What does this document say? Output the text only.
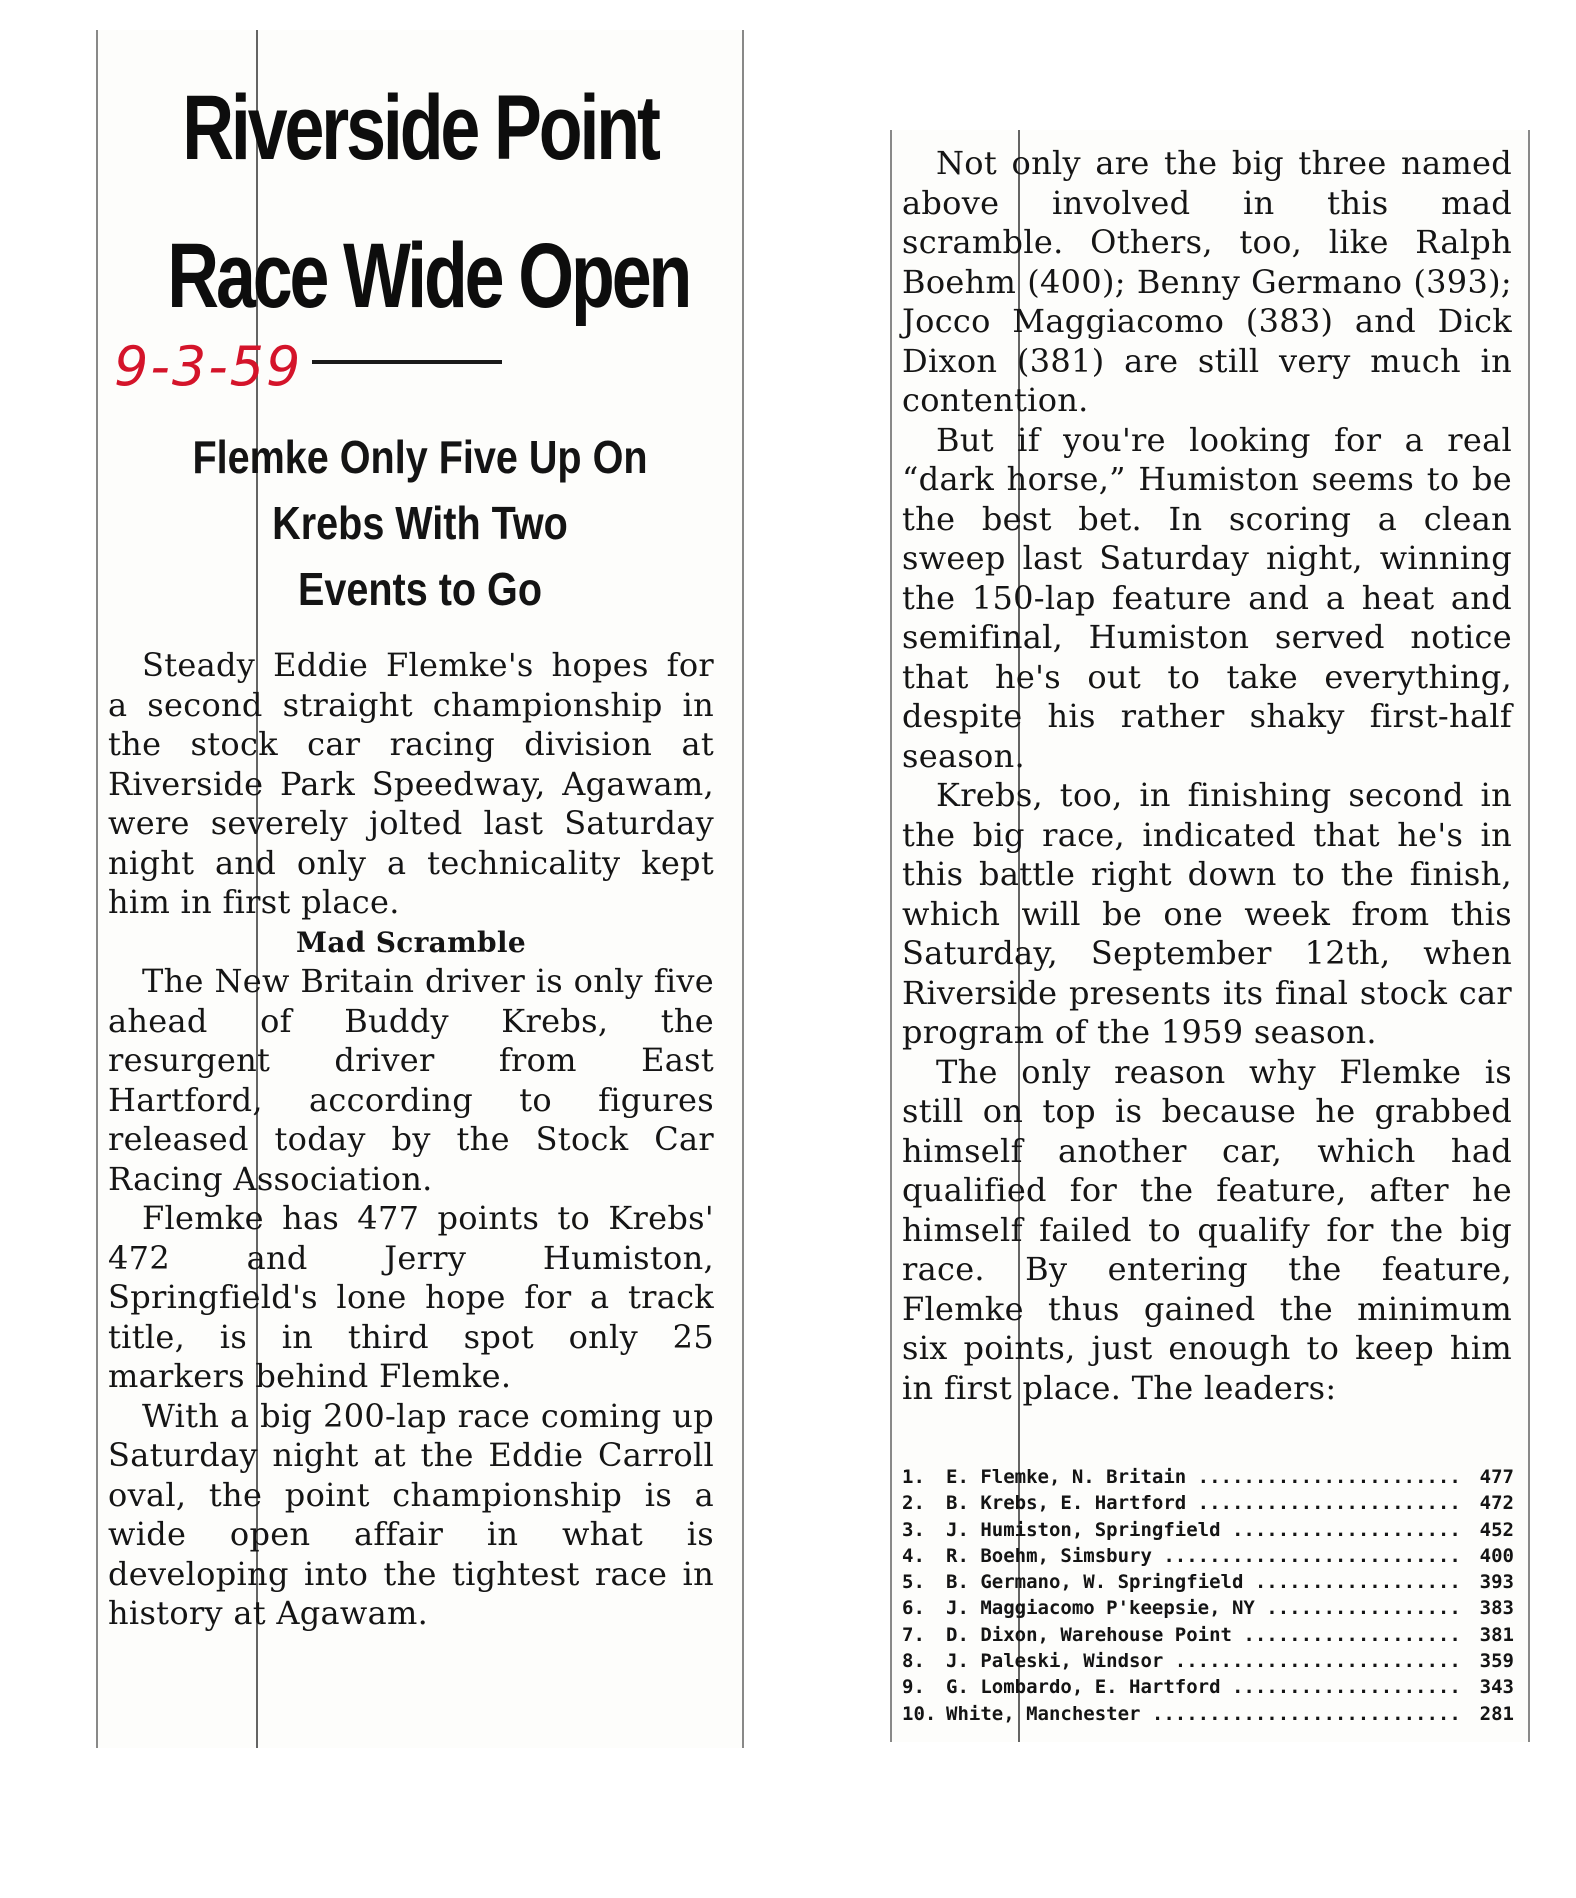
Riverside Point
Race Wide Open
9-3-59
Flemke Only Five Up On
Krebs With Two
Events to Go

Steady Eddie Flemke's hopes for a second straight championship in the stock car racing division at Riverside Park Speedway, Agawam, were severely jolted last Saturday night and only a technicality kept him in first place.

Mad Scramble

The New Britain driver is only five ahead of Buddy Krebs, the resurgent driver from East Hartford, according to figures released today by the Stock Car Racing Association.

Flemke has 477 points to Krebs' 472 and Jerry Humiston, Springfield's lone hope for a track title, is in third spot only 25 markers behind Flemke.

With a big 200-lap race coming up Saturday night at the Eddie Carroll oval, the point championship is a wide open affair in what is developing into the tightest race in history at Agawam.

Not only are the big three named above involved in this mad scramble. Others, too, like Ralph Boehm (400); Benny Germano (393); Jocco Maggiacomo (383) and Dick Dixon (381) are still very much in contention.

But if you're looking for a real “dark horse,” Humiston seems to be the best bet. In scoring a clean sweep last Saturday night, winning the 150-lap feature and a heat and semifinal, Humiston served notice that he's out to take everything, despite his rather shaky first-half season.

Krebs, too, in finishing second in the big race, indicated that he's in this battle right down to the finish, which will be one week from this Saturday, September 12th, when Riverside presents its final stock car program of the 1959 season.

The only reason why Flemke is still on top is because he grabbed himself another car, which had qualified for the feature, after he himself failed to qualify for the big race. By entering the feature, Flemke thus gained the minimum six points, just enough to keep him in first place. The leaders:

1.	E. Flemke, N. Britain .....	477
2.	B. Krebs, E. Hartford .....	472
3.	J. Humiston, Springfield .....	452
4.	R. Boehm, Simsbury .....	400
5.	B. Germano, W. Springfield .....	393
6.	J. Maggiacomo P'keepsie, NY .....	383
7.	D. Dixon, Warehouse Point .....	381
8.	J. Paleski, Windsor .....	359
9.	G. Lombardo, E. Hartford .....	343
10. White, Manchester .....	281
